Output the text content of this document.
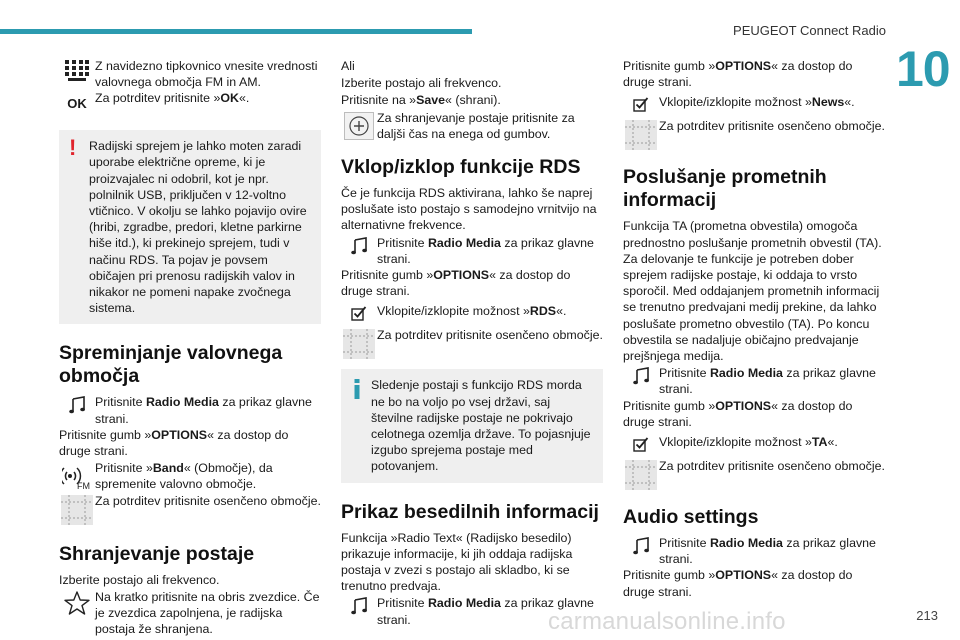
PEUGEOT Connect Radio
10
OK
Z navidezno tipkovnico vnesite vrednosti valovnega območja FM in AM.
Za potrditev pritisnite »OK«.
!	Radijski sprejem je lahko moten zaradi uporabe električne opreme, ki je proizvajalec ni odobril, kot je npr. polnilnik USB, priključen v 12-voltno vtičnico. V okolju se lahko pojavijo ovire (hribi, zgradbe, predori, kletne parkirne hiše itd.), ki prekinejo sprejem, tudi v načinu RDS. Ta pojav je povsem običajen pri prenosu radijskih valov in nikakor ne pomeni napake zvočnega sistema.
Spreminjanje valovnega območja
Pritisnite Radio Media za prikaz glavne strani.
Pritisnite gumb »OPTIONS« za dostop do druge strani.
FM
Pritisnite »Band« (Območje), da spremenite valovno območje.
Za potrditev pritisnite osenčeno območje.
Shranjevanje postaje
Izberite postajo ali frekvenco.
Na kratko pritisnite na obris zvezdice. Če je zvezdica zapolnjena, je radijska postaja že shranjena.
Ali
Izberite postajo ali frekvenco.
Pritisnite na »Save« (shrani).
Za shranjevanje postaje pritisnite za daljši čas na enega od gumbov.
Vklop/izklop funkcije RDS
Če je funkcija RDS aktivirana, lahko še naprej poslušate isto postajo s samodejno vrnitvijo na alternativne frekvence.
Pritisnite Radio Media za prikaz glavne strani.
Pritisnite gumb »OPTIONS« za dostop do druge strani.
Vklopite/izklopite možnost »RDS«.
Za potrditev pritisnite osenčeno območje.
Sledenje postaji s funkcijo RDS morda ne bo na voljo po vsej državi, saj številne radijske postaje ne pokrivajo celotnega ozemlja države. To pojasnjuje izgubo sprejema postaje med potovanjem.
Prikaz besedilnih informacij
Funkcija »Radio Text« (Radijsko besedilo) prikazuje informacije, ki jih oddaja radijska postaja v zvezi s postajo ali skladbo, ki se trenutno predvaja.
Pritisnite Radio Media za prikaz glavne strani.
Pritisnite gumb »OPTIONS« za dostop do druge strani.
Vklopite/izklopite možnost »News«.
Za potrditev pritisnite osenčeno območje.
Poslušanje prometnih informacij
Funkcija TA (prometna obvestila) omogoča prednostno poslušanje prometnih obvestil (TA). Za delovanje te funkcije je potreben dober sprejem radijske postaje, ki oddaja to vrsto sporočil. Med oddajanjem prometnih informacij se trenutno predvajani medij prekine, da lahko poslušate prometno obvestilo (TA). Po koncu obvestila se nadaljuje običajno predvajanje prejšnjega medija.
Pritisnite Radio Media za prikaz glavne strani.
Pritisnite gumb »OPTIONS« za dostop do druge strani.
Vklopite/izklopite možnost »TA«.
Za potrditev pritisnite osenčeno območje.
Audio settings
Pritisnite Radio Media za prikaz glavne strani.
Pritisnite gumb »OPTIONS« za dostop do druge strani.
carmanualsonline.info	213
